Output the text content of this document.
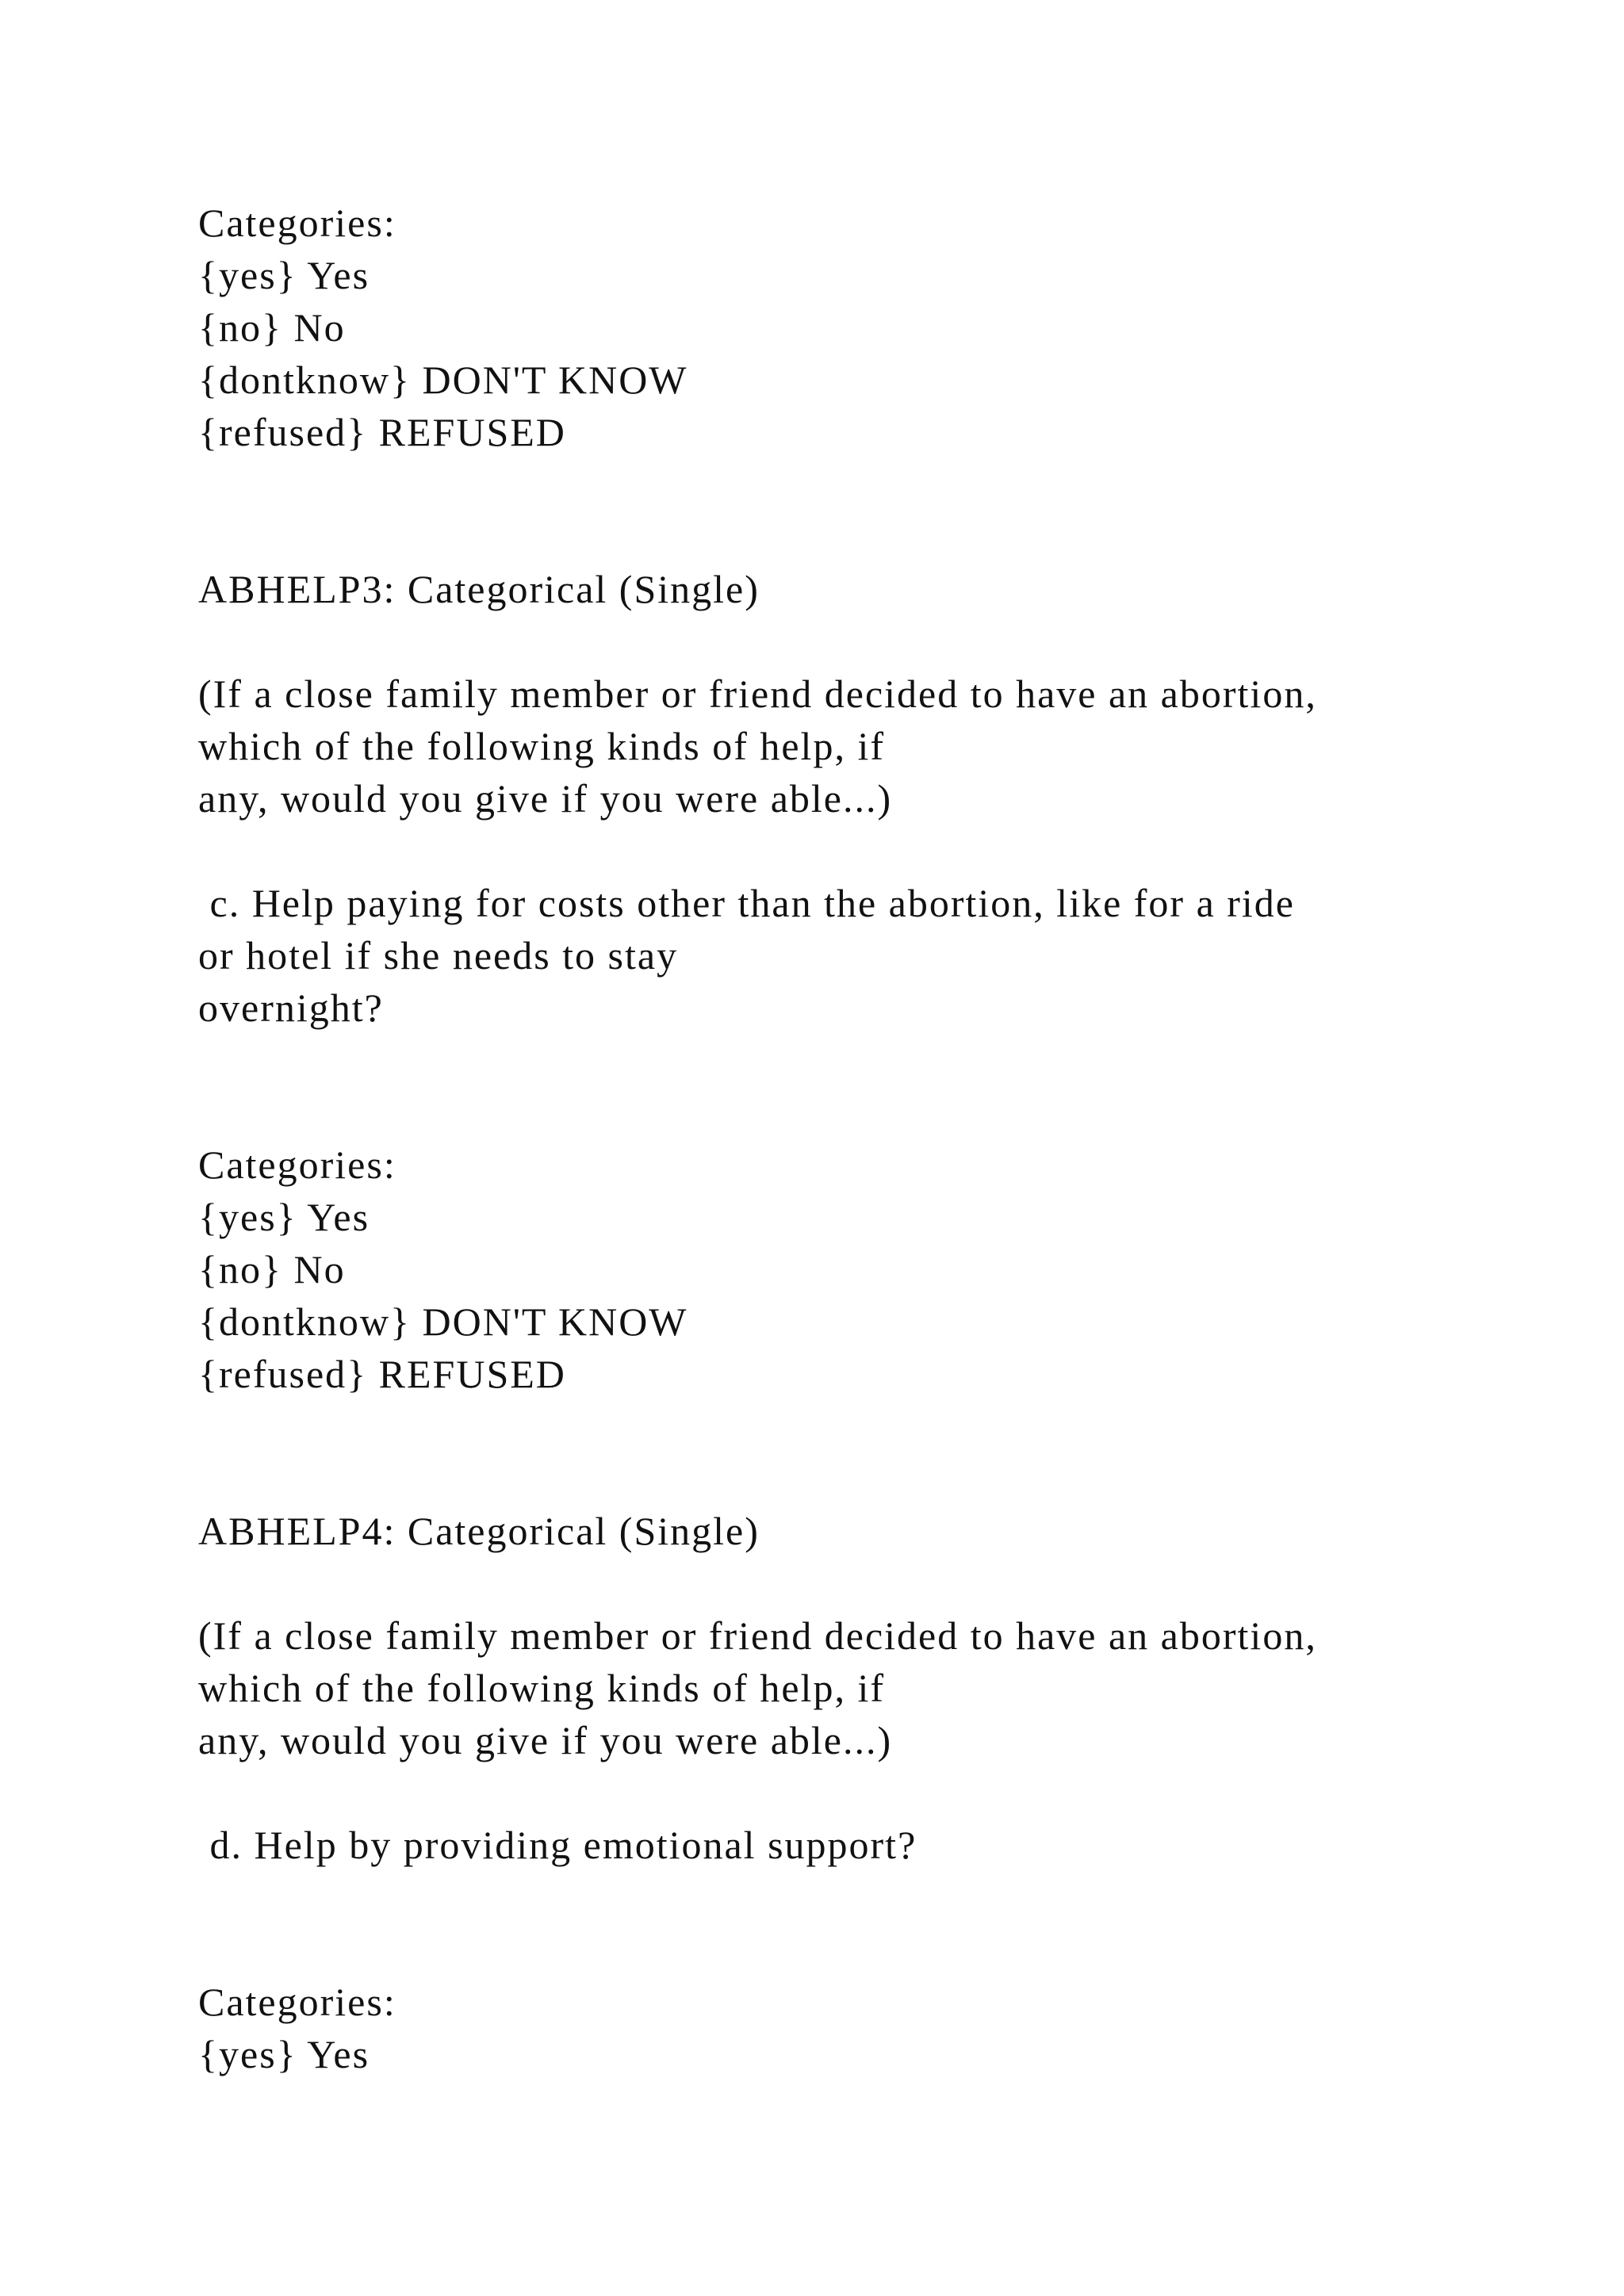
Categories:
{yes} Yes
{no} No
{dontknow} DON'T KNOW
{refused} REFUSED
ABHELP3: Categorical (Single)
(If a close family member or friend decided to have an abortion,
which of the following kinds of help, if
any, would you give if you were able...)
c. Help paying for costs other than the abortion, like for a ride
or hotel if she needs to stay
overnight?
Categories:
{yes} Yes
{no} No
{dontknow} DON'T KNOW
{refused} REFUSED
ABHELP4: Categorical (Single)
(If a close family member or friend decided to have an abortion,
which of the following kinds of help, if
any, would you give if you were able...)
d. Help by providing emotional support?
Categories:
{yes} Yes
